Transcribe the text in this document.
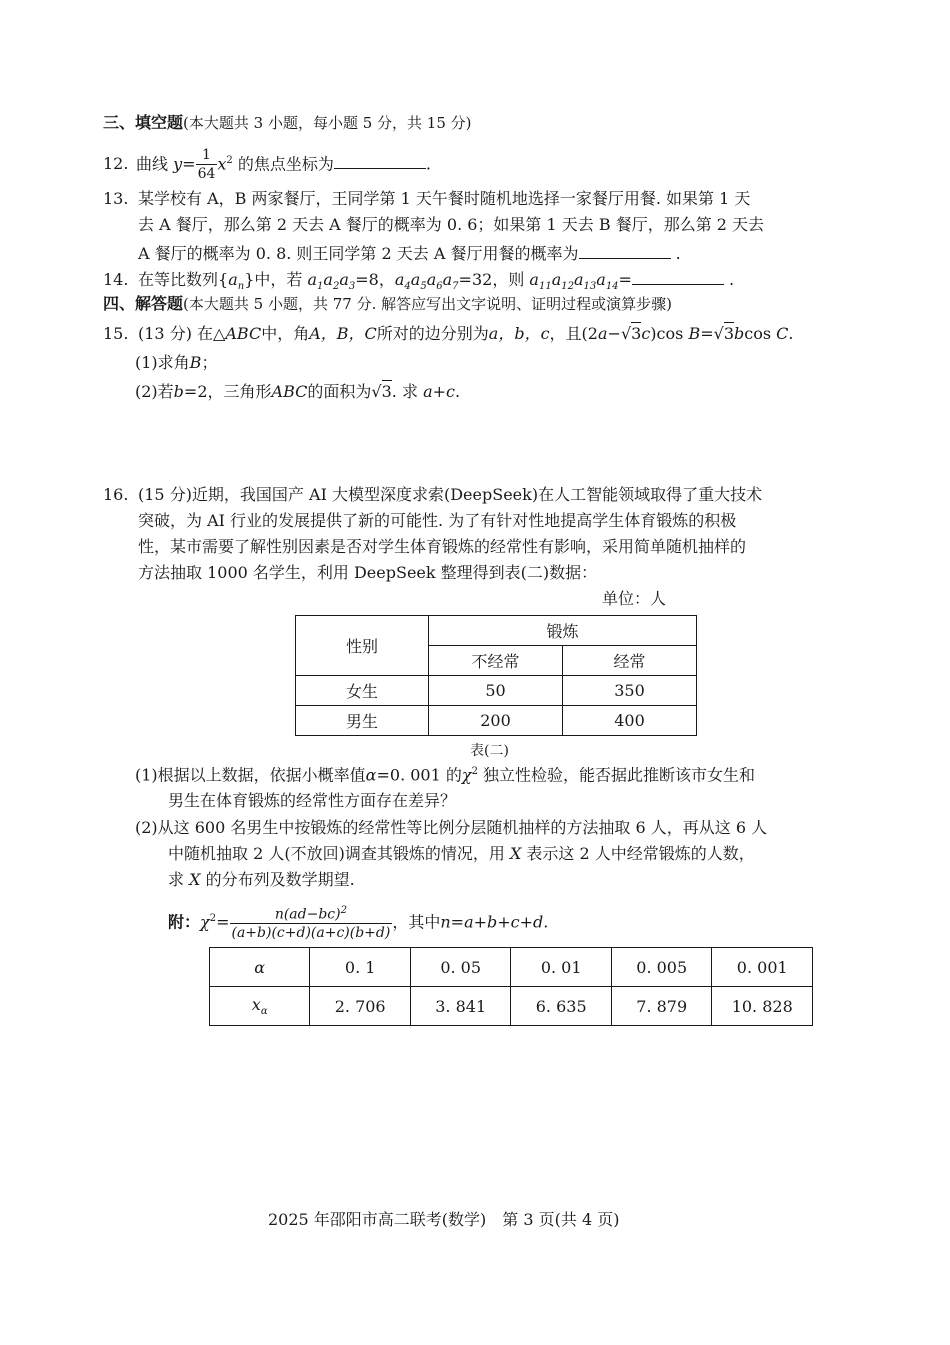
三、填空题(本大题共 3 小题，每小题 5 分，共 15 分)
12. 曲线 $y= \frac{1}{64} x^2$ 的焦点坐标为	.
13. 某学校有 A，B 两家餐厅，王同学第 1 天午餐时随机地选择一家餐厅用餐. 如果第 1 天
去 A 餐厅，那么第 2 天去 A 餐厅的概率为 0. 6；如果第 1 天去 B 餐厅，那么第 2 天去
A 餐厅的概率为 0. 8. 则王同学第 2 天去 A 餐厅用餐的概率为	.
14. 在等比数列$\{a_n\}$中，若 $a_1a_2a_3=8$，$a_4a_5a_6a_7=32$，则 $a_{11}a_{12}a_{13}a_{14}=$	.
四、解答题(本大题共 5 小题，共 77 分. 解答应写出文字说明、证明过程或演算步骤)
15. (13 分) 在△ABC中，角A，B，C所对的边分别为a，b，c，且(2a−√3c)cos B=√3bcos C.
(1)求角B；
(2)若b=2，三角形ABC的面积为√3. 求 a+c.
16. (15 分)近期，我国国产 AI 大模型深度求索(DeepSeek)在人工智能领域取得了重大技术
突破，为 AI 行业的发展提供了新的可能性. 为了有针对性地提高学生体育锻炼的积极
性，某市需要了解性别因素是否对学生体育锻炼的经常性有影响，采用简单随机抽样的
方法抽取 1000 名学生，利用 DeepSeek 整理得到表(二)数据：
单位：人
性别	锻炼	
	不经常	经常
女生	50	350
男生	200	400
表(二)
(1)根据以上数据，依据小概率值α=0. 001 的$\chi^2$ 独立性检验，能否据此推断该市女生和
男生在体育锻炼的经常性方面存在差异？
(2)从这 600 名男生中按锻炼的经常性等比例分层随机抽样的方法抽取 6 人，再从这 6 人
中随机抽取 2 人(不放回)调查其锻炼的情况，用 X 表示这 2 人中经常锻炼的人数，
求 X 的分布列及数学期望.
附：$\chi^2= \frac{n(ad-bc)^2}{(a+b)(c+d)(a+c)(b+d)}$ ，其中n=a+b+c+d.
α	0. 1	0. 05	0. 01	0. 005	0. 001
$x_\alpha$	2. 706	3. 841	6. 635	7. 879	10. 828
2025 年邵阳市高二联考(数学)　第 3 页(共 4 页)
